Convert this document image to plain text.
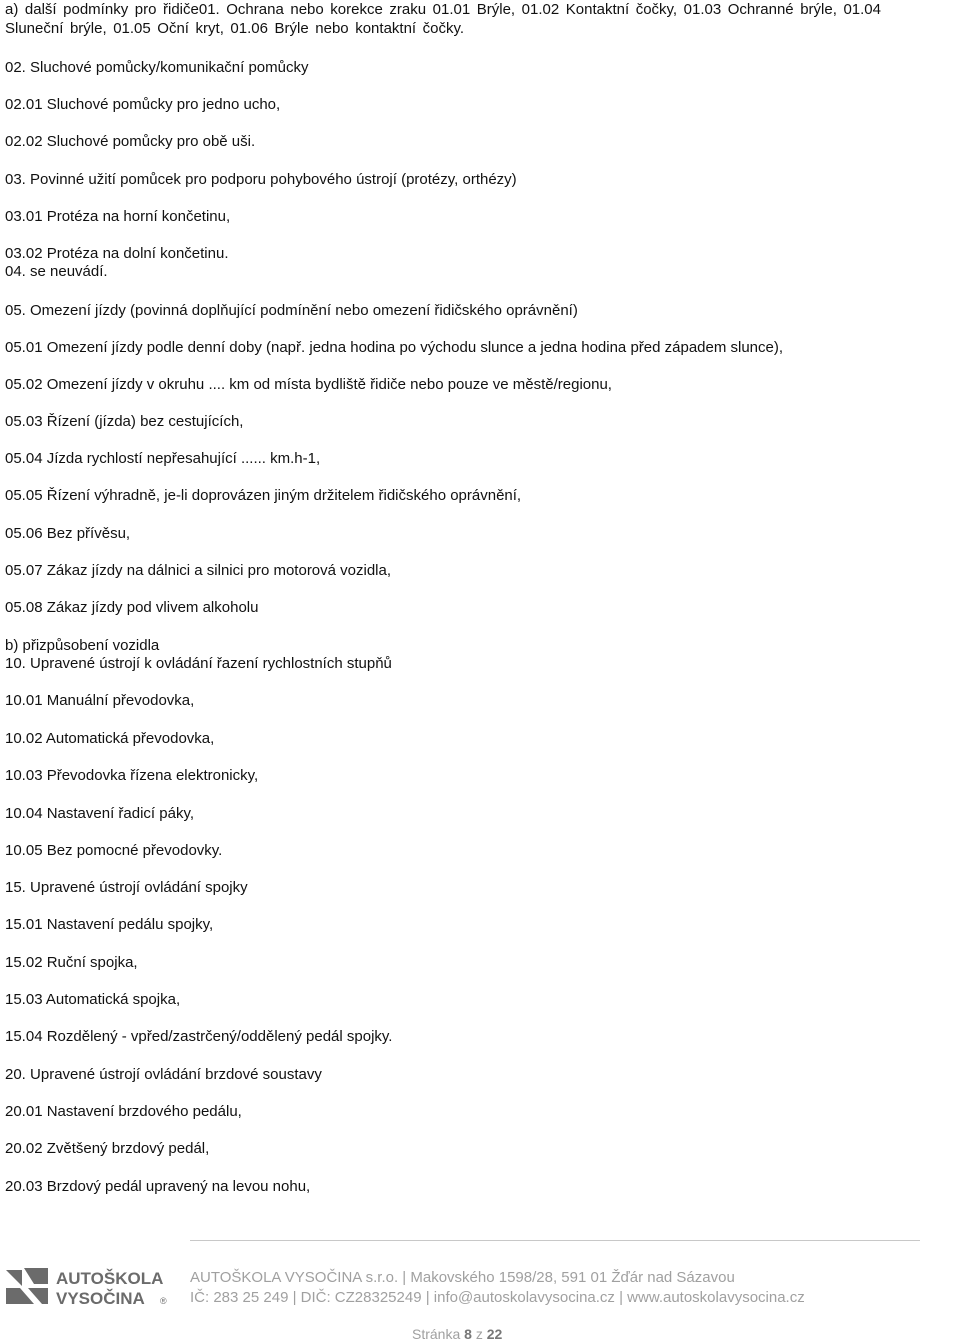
a) další podmínky pro řidiče01. Ochrana nebo korekce zraku 01.01 Brýle, 01.02 Kontaktní čočky, 01.03 Ochranné brýle, 01.04
Sluneční brýle, 01.05 Oční kryt, 01.06 Brýle nebo kontaktní čočky.
02. Sluchové pomůcky/komunikační pomůcky
02.01 Sluchové pomůcky pro jedno ucho,
02.02 Sluchové pomůcky pro obě uši.
03. Povinné užití pomůcek pro podporu pohybového ústrojí (protézy, orthézy)
03.01 Protéza na horní končetinu,
03.02 Protéza na dolní končetinu.
04. se neuvádí.
05. Omezení jízdy (povinná doplňující podmínění nebo omezení řidičského oprávnění)
05.01 Omezení jízdy podle denní doby (např. jedna hodina po východu slunce a jedna hodina před západem slunce),
05.02 Omezení jízdy v okruhu .... km od místa bydliště řidiče nebo pouze ve městě/regionu,
05.03 Řízení (jízda) bez cestujících,
05.04 Jízda rychlostí nepřesahující ...... km.h-1,
05.05 Řízení výhradně, je-li doprovázen jiným držitelem řidičského oprávnění,
05.06 Bez přívěsu,
05.07 Zákaz jízdy na dálnici a silnici pro motorová vozidla,
05.08 Zákaz jízdy pod vlivem alkoholu
b) přizpůsobení vozidla
10. Upravené ústrojí k ovládání řazení rychlostních stupňů
10.01 Manuální převodovka,
10.02 Automatická převodovka,
10.03 Převodovka řízena elektronicky,
10.04 Nastavení řadicí páky,
10.05 Bez pomocné převodovky.
15. Upravené ústrojí ovládání spojky
15.01 Nastavení pedálu spojky,
15.02 Ruční spojka,
15.03 Automatická spojka,
15.04 Rozdělený - vpřed/zastrčený/oddělený pedál spojky.
20. Upravené ústrojí ovládání brzdové soustavy
20.01 Nastavení brzdového pedálu,
20.02 Zvětšený brzdový pedál,
20.03 Brzdový pedál upravený na levou nohu,
AUTOŠKOLA
VYSOČINA ®
AUTOŠKOLA VYSOČINA s.r.o. | Makovského 1598/28, 591 01 Žďár nad Sázavou
IČ: 283 25 249 | DIČ: CZ28325249 | info@autoskolavysocina.cz | www.autoskolavysocina.cz
Stránka 8 z 22
